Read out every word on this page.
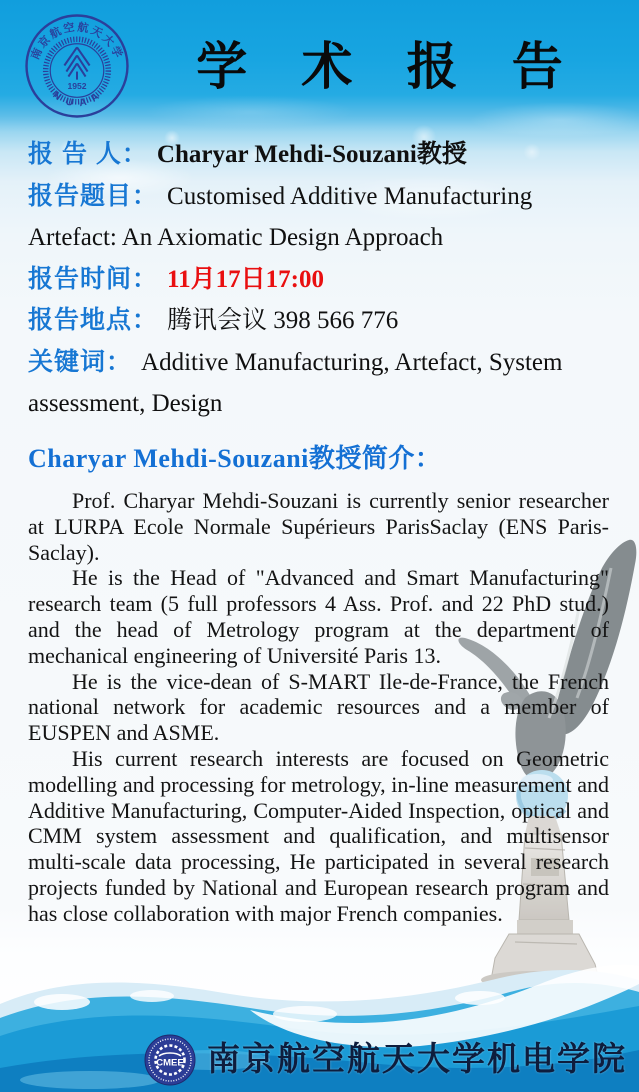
南京航空航天大学
1952
N U A A
学 术 报 告
报 告 人： Charyar Mehdi-Souzani教授
报告题目： Customised Additive Manufacturing Artefact: An Axiomatic Design Approach
报告时间： 11月17日17:00
报告地点： 腾讯会议 398 566 776
关键词： Additive Manufacturing, Artefact, System assessment, Design
Charyar Mehdi-Souzani教授简介：

Prof. Charyar Mehdi-Souzani is currently senior researcher at LURPA Ecole Normale Supérieurs ParisSaclay (ENS Paris-Saclay).

He is the Head of "Advanced and Smart Manufacturing" research team (5 full professors 4 Ass. Prof. and 22 PhD stud.) and the head of Metrology program at the department of mechanical engineering of Université Paris 13.

He is the vice-dean of S-MART Ile-de-France, the French national network for academic resources and a member of EUSPEN and ASME.

His current research interests are focused on Geometric modelling and processing for metrology, in-line measurement and Additive Manufacturing, Computer-Aided Inspection, optical and CMM system assessment and qualification, and multisensor multi-scale data processing, He participated in several research projects funded by National and European research program and has close collaboration with major French companies.

CMEE 南京航空航天大学机电学院
